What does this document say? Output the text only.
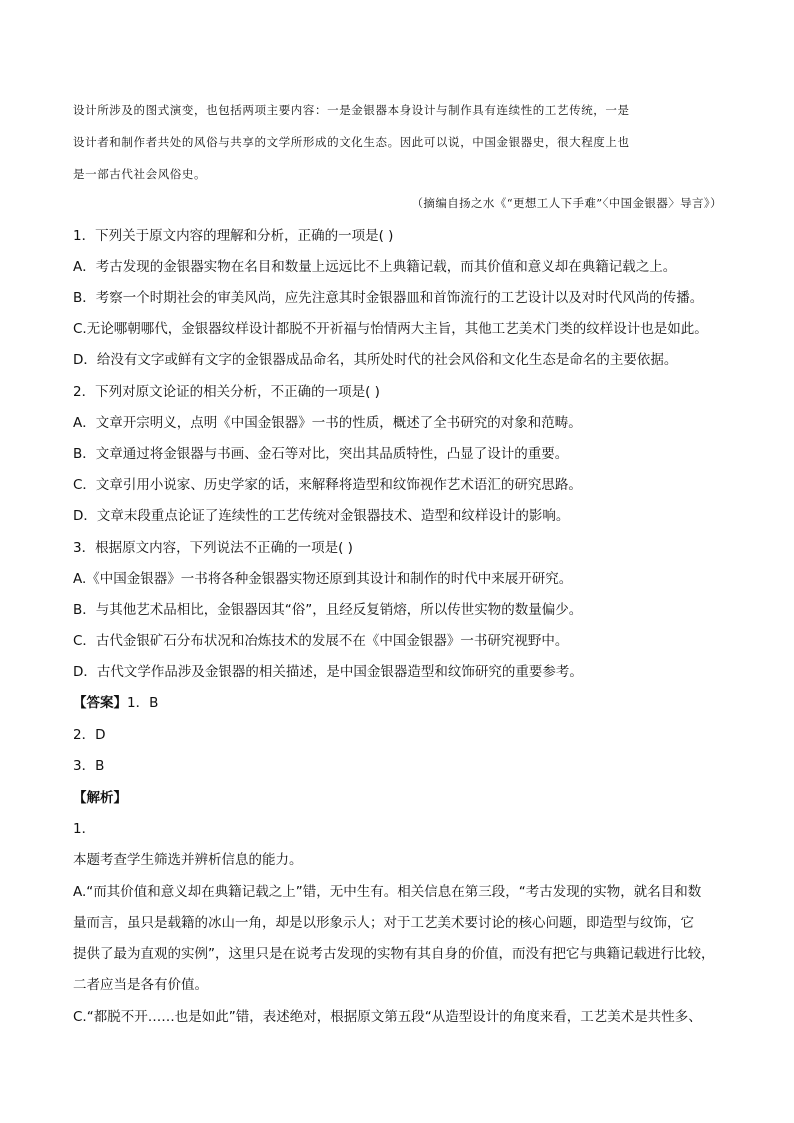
设计所涉及的图式演变，也包括两项主要内容：一是金银器本身设计与制作具有连续性的工艺传统，一是
设计者和制作者共处的风俗与共享的文学所形成的文化生态。因此可以说，中国金银器史，很大程度上也
是一部古代社会风俗史。
（摘编自扬之水《“更想工人下手难”〈中国金银器〉导言》）
1．下列关于原文内容的理解和分析，正确的一项是( )
A．考古发现的金银器实物在名目和数量上远远比不上典籍记载，而其价值和意义却在典籍记载之上。
B．考察一个时期社会的审美风尚，应先注意其时金银器皿和首饰流行的工艺设计以及对时代风尚的传播。
C.无论哪朝哪代，金银器纹样设计都脱不开祈福与怡情两大主旨，其他工艺美术门类的纹样设计也是如此。
D．给没有文字或鲜有文字的金银器成品命名，其所处时代的社会风俗和文化生态是命名的主要依据。
2．下列对原文论证的相关分析，不正确的一项是( )
A．文章开宗明义，点明《中国金银器》一书的性质，概述了全书研究的对象和范畴。
B．文章通过将金银器与书画、金石等对比，突出其品质特性，凸显了设计的重要。
C．文章引用小说家、历史学家的话，来解释将造型和纹饰视作艺术语汇的研究思路。
D．文章末段重点论证了连续性的工艺传统对金银器技术、造型和纹样设计的影响。
3．根据原文内容，下列说法不正确的一项是( )
A.《中国金银器》一书将各种金银器实物还原到其设计和制作的时代中来展开研究。
B．与其他艺术品相比，金银器因其“俗”，且经反复销熔，所以传世实物的数量偏少。
C．古代金银矿石分布状况和冶炼技术的发展不在《中国金银器》一书研究视野中。
D．古代文学作品涉及金银器的相关描述，是中国金银器造型和纹饰研究的重要参考。
【答案】1．B
2．D
3．B
【解析】
1．
本题考查学生筛选并辨析信息的能力。
A.“而其价值和意义却在典籍记载之上”错，无中生有。相关信息在第三段，“考古发现的实物，就名目和数
量而言，虽只是载籍的冰山一角，却是以形象示人；对于工艺美术要讨论的核心问题，即造型与纹饰，它
提供了最为直观的实例”，这里只是在说考古发现的实物有其自身的价值，而没有把它与典籍记载进行比较，
二者应当是各有价值。
C.“都脱不开……也是如此”错，表述绝对，根据原文第五段“从造型设计的角度来看，工艺美术是共性多、
